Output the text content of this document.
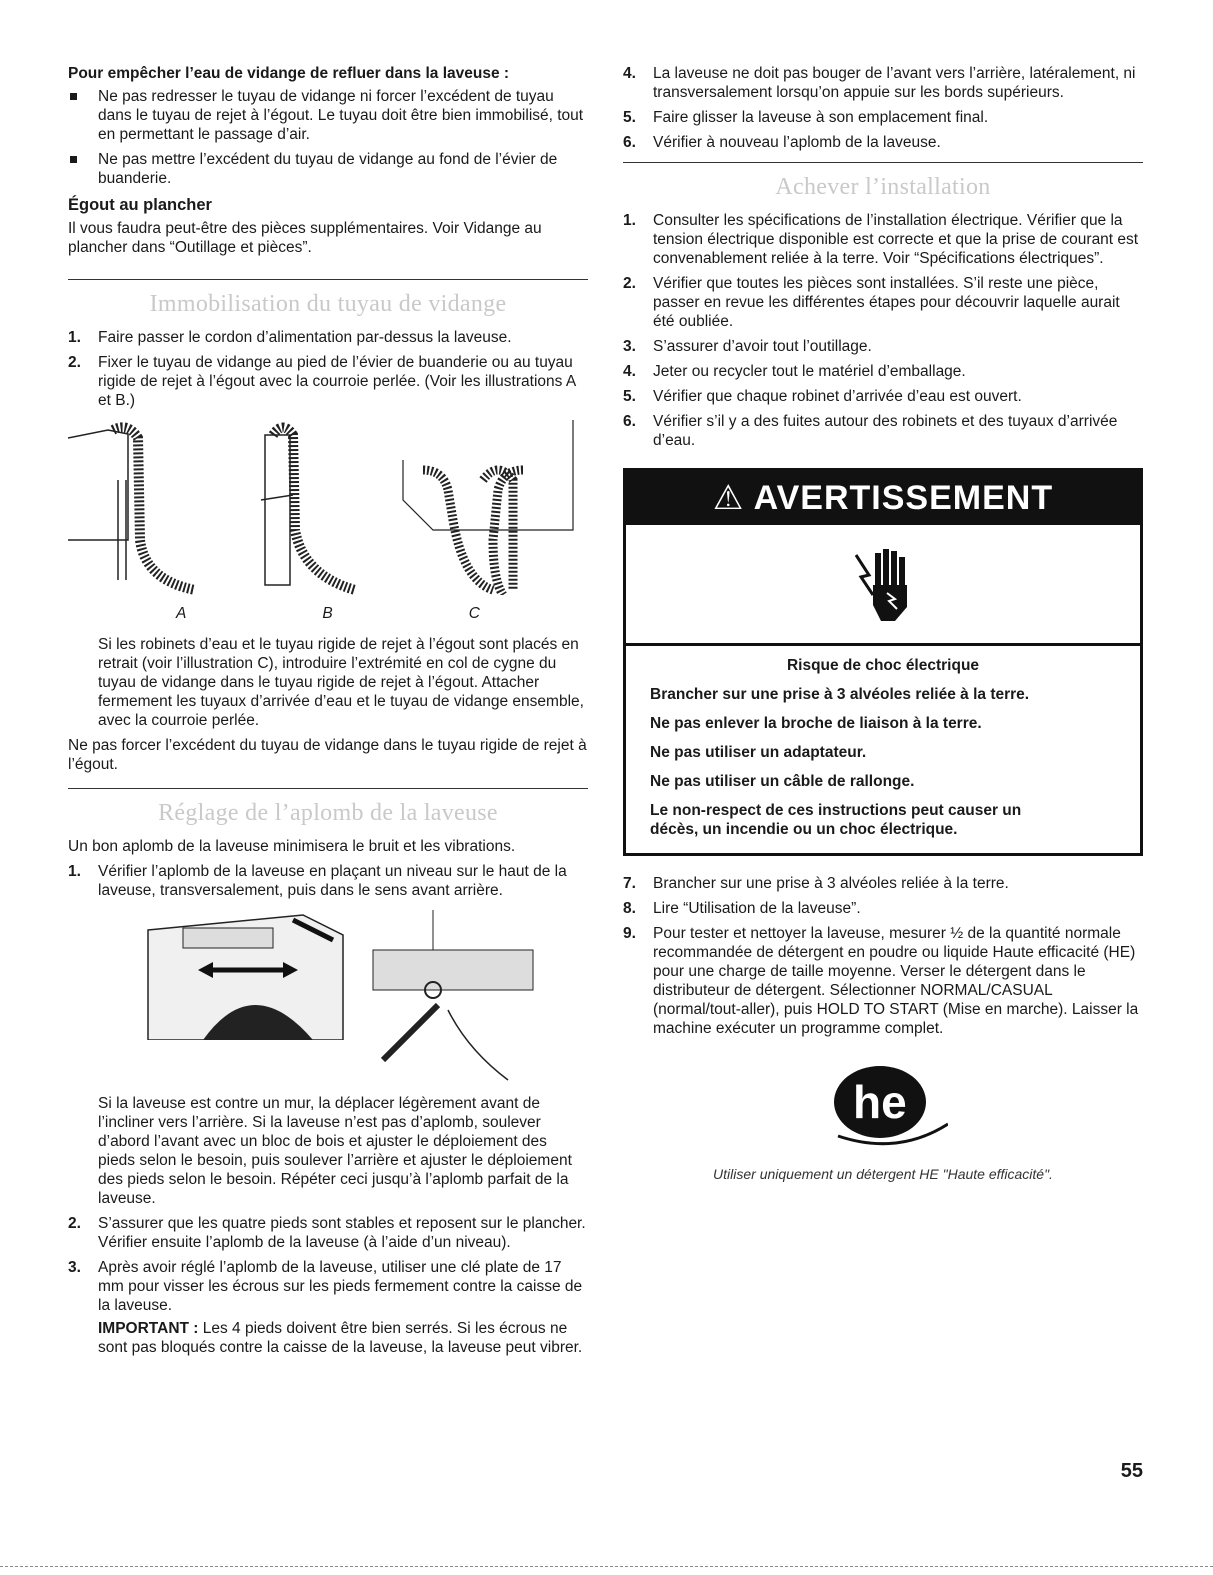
Pour empêcher l’eau de vidange de refluer dans la laveuse :

Ne pas redresser le tuyau de vidange ni forcer l’excédent de tuyau dans le tuyau de rejet à l’égout. Le tuyau doit être bien immobilisé, tout en permettant le passage d’air.

Ne pas mettre l’excédent du tuyau de vidange au fond de l’évier de buanderie.

Égout au plancher

Il vous faudra peut-être des pièces supplémentaires. Voir Vidange au plancher dans “Outillage et pièces”.

Immobilisation du tuyau de vidange

1. Faire passer le cordon d’alimentation par-dessus la laveuse.

2. Fixer le tuyau de vidange au pied de l’évier de buanderie ou au tuyau rigide de rejet à l’égout avec la courroie perlée. (Voir les illustrations A et B.)

A	B	C

Si les robinets d’eau et le tuyau rigide de rejet à l’égout sont placés en retrait (voir l’illustration C), introduire l’extrémité en col de cygne du tuyau de vidange dans le tuyau rigide de rejet à l’égout. Attacher fermement les tuyaux d’arrivée d’eau et le tuyau de vidange ensemble, avec la courroie perlée.

Ne pas forcer l’excédent du tuyau de vidange dans le tuyau rigide de rejet à l’égout.

Réglage de l’aplomb de la laveuse

Un bon aplomb de la laveuse minimisera le bruit et les vibrations.

1. Vérifier l’aplomb de la laveuse en plaçant un niveau sur le haut de la laveuse, transversalement, puis dans le sens avant arrière.

Si la laveuse est contre un mur, la déplacer légèrement avant de l’incliner vers l’arrière. Si la laveuse n’est pas d’aplomb, soulever d’abord l’avant avec un bloc de bois et ajuster le déploiement des pieds selon le besoin, puis soulever l’arrière et ajuster le déploiement des pieds selon le besoin. Répéter ceci jusqu’à l’aplomb parfait de la laveuse.

2. S’assurer que les quatre pieds sont stables et reposent sur le plancher. Vérifier ensuite l’aplomb de la laveuse (à l’aide d’un niveau).

3. Après avoir réglé l’aplomb de la laveuse, utiliser une clé plate de 17 mm pour visser les écrous sur les pieds fermement contre la caisse de la laveuse.

IMPORTANT : Les 4 pieds doivent être bien serrés. Si les écrous ne sont pas bloqués contre la caisse de la laveuse, la laveuse peut vibrer.

4. La laveuse ne doit pas bouger de l’avant vers l’arrière, latéralement, ni transversalement lorsqu’on appuie sur les bords supérieurs.

5. Faire glisser la laveuse à son emplacement final.

6. Vérifier à nouveau l’aplomb de la laveuse.

Achever l’installation

1. Consulter les spécifications de l’installation électrique. Vérifier que la tension électrique disponible est correcte et que la prise de courant est convenablement reliée à la terre. Voir “Spécifications électriques”.

2. Vérifier que toutes les pièces sont installées. S’il reste une pièce, passer en revue les différentes étapes pour découvrir laquelle aurait été oubliée.

3. S’assurer d’avoir tout l’outillage.

4. Jeter ou recycler tout le matériel d’emballage.

5. Vérifier que chaque robinet d’arrivée d’eau est ouvert.

6. Vérifier s’il y a des fuites autour des robinets et des tuyaux d’arrivée d’eau.

⚠ AVERTISSEMENT

Risque de choc électrique

Brancher sur une prise à 3 alvéoles reliée à la terre.

Ne pas enlever la broche de liaison à la terre.

Ne pas utiliser un adaptateur.

Ne pas utiliser un câble de rallonge.

Le non-respect de ces instructions peut causer un décès, un incendie ou un choc électrique.

7. Brancher sur une prise à 3 alvéoles reliée à la terre.

8. Lire “Utilisation de la laveuse”.

9. Pour tester et nettoyer la laveuse, mesurer ½ de la quantité normale recommandée de détergent en poudre ou liquide Haute efficacité (HE) pour une charge de taille moyenne. Verser le détergent dans le distributeur de détergent. Sélectionner NORMAL/CASUAL (normal/tout-aller), puis HOLD TO START (Mise en marche). Laisser la machine exécuter un programme complet.

he

Utiliser uniquement un détergent HE "Haute efficacité".

55
